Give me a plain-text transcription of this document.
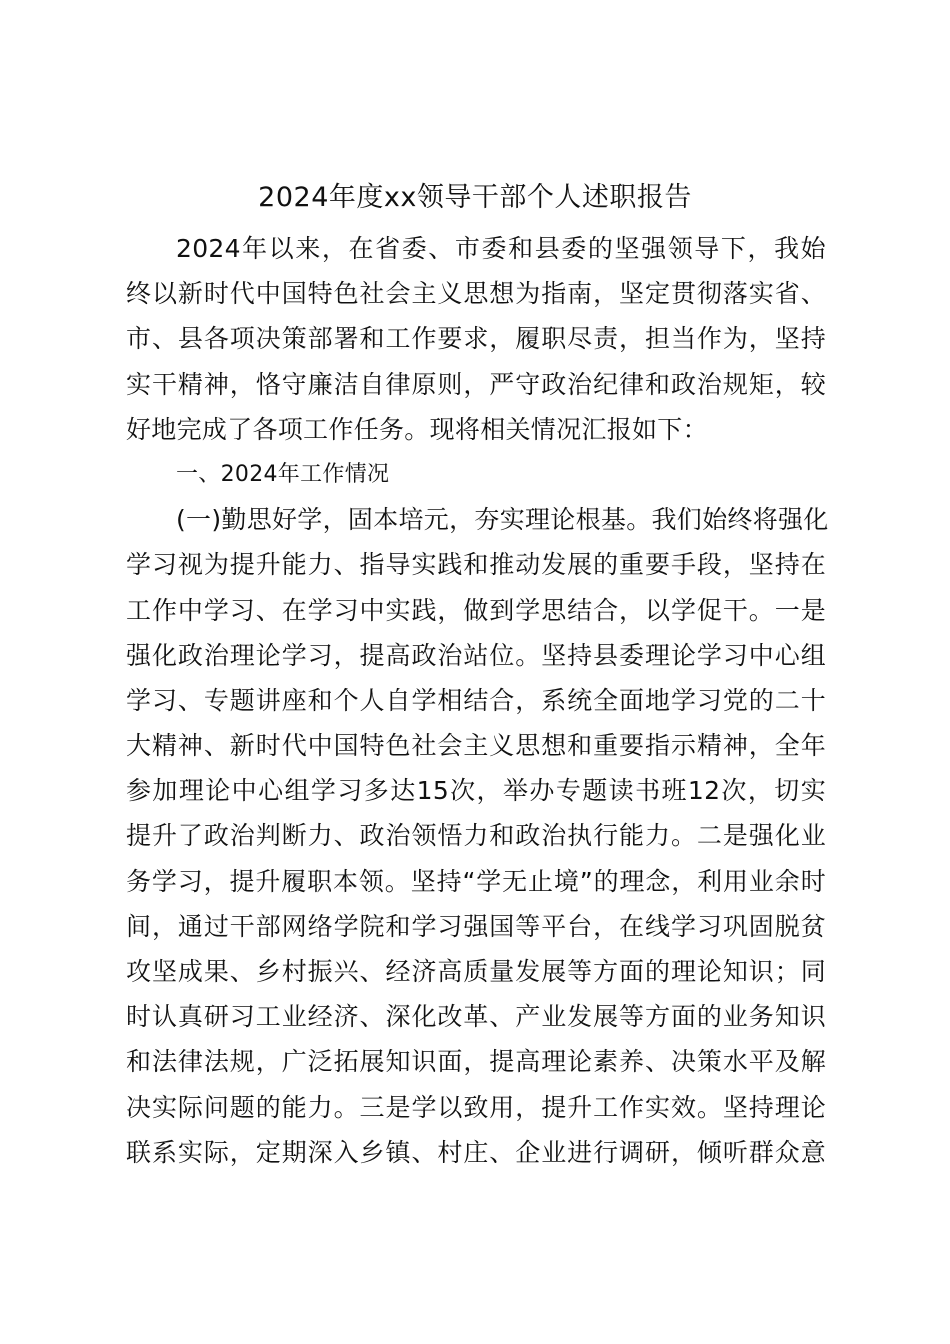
2024年度xx领导干部个人述职报告
2024年以来，在省委、市委和县委的坚强领导下，我始
终以新时代中国特色社会主义思想为指南，坚定贯彻落实省、
市、县各项决策部署和工作要求，履职尽责，担当作为，坚持
实干精神，恪守廉洁自律原则，严守政治纪律和政治规矩，较
好地完成了各项工作任务。现将相关情况汇报如下：
一、2024年工作情况
(一)勤思好学，固本培元，夯实理论根基。我们始终将强化
学习视为提升能力、指导实践和推动发展的重要手段，坚持在
工作中学习、在学习中实践，做到学思结合，以学促干。一是
强化政治理论学习，提高政治站位。坚持县委理论学习中心组
学习、专题讲座和个人自学相结合，系统全面地学习党的二十
大精神、新时代中国特色社会主义思想和重要指示精神，全年
参加理论中心组学习多达15次，举办专题读书班12次，切实
提升了政治判断力、政治领悟力和政治执行能力。二是强化业
务学习，提升履职本领。坚持“学无止境”的理念，利用业余时
间，通过干部网络学院和学习强国等平台，在线学习巩固脱贫
攻坚成果、乡村振兴、经济高质量发展等方面的理论知识；同
时认真研习工业经济、深化改革、产业发展等方面的业务知识
和法律法规，广泛拓展知识面，提高理论素养、决策水平及解
决实际问题的能力。三是学以致用，提升工作实效。坚持理论
联系实际，定期深入乡镇、村庄、企业进行调研，倾听群众意
